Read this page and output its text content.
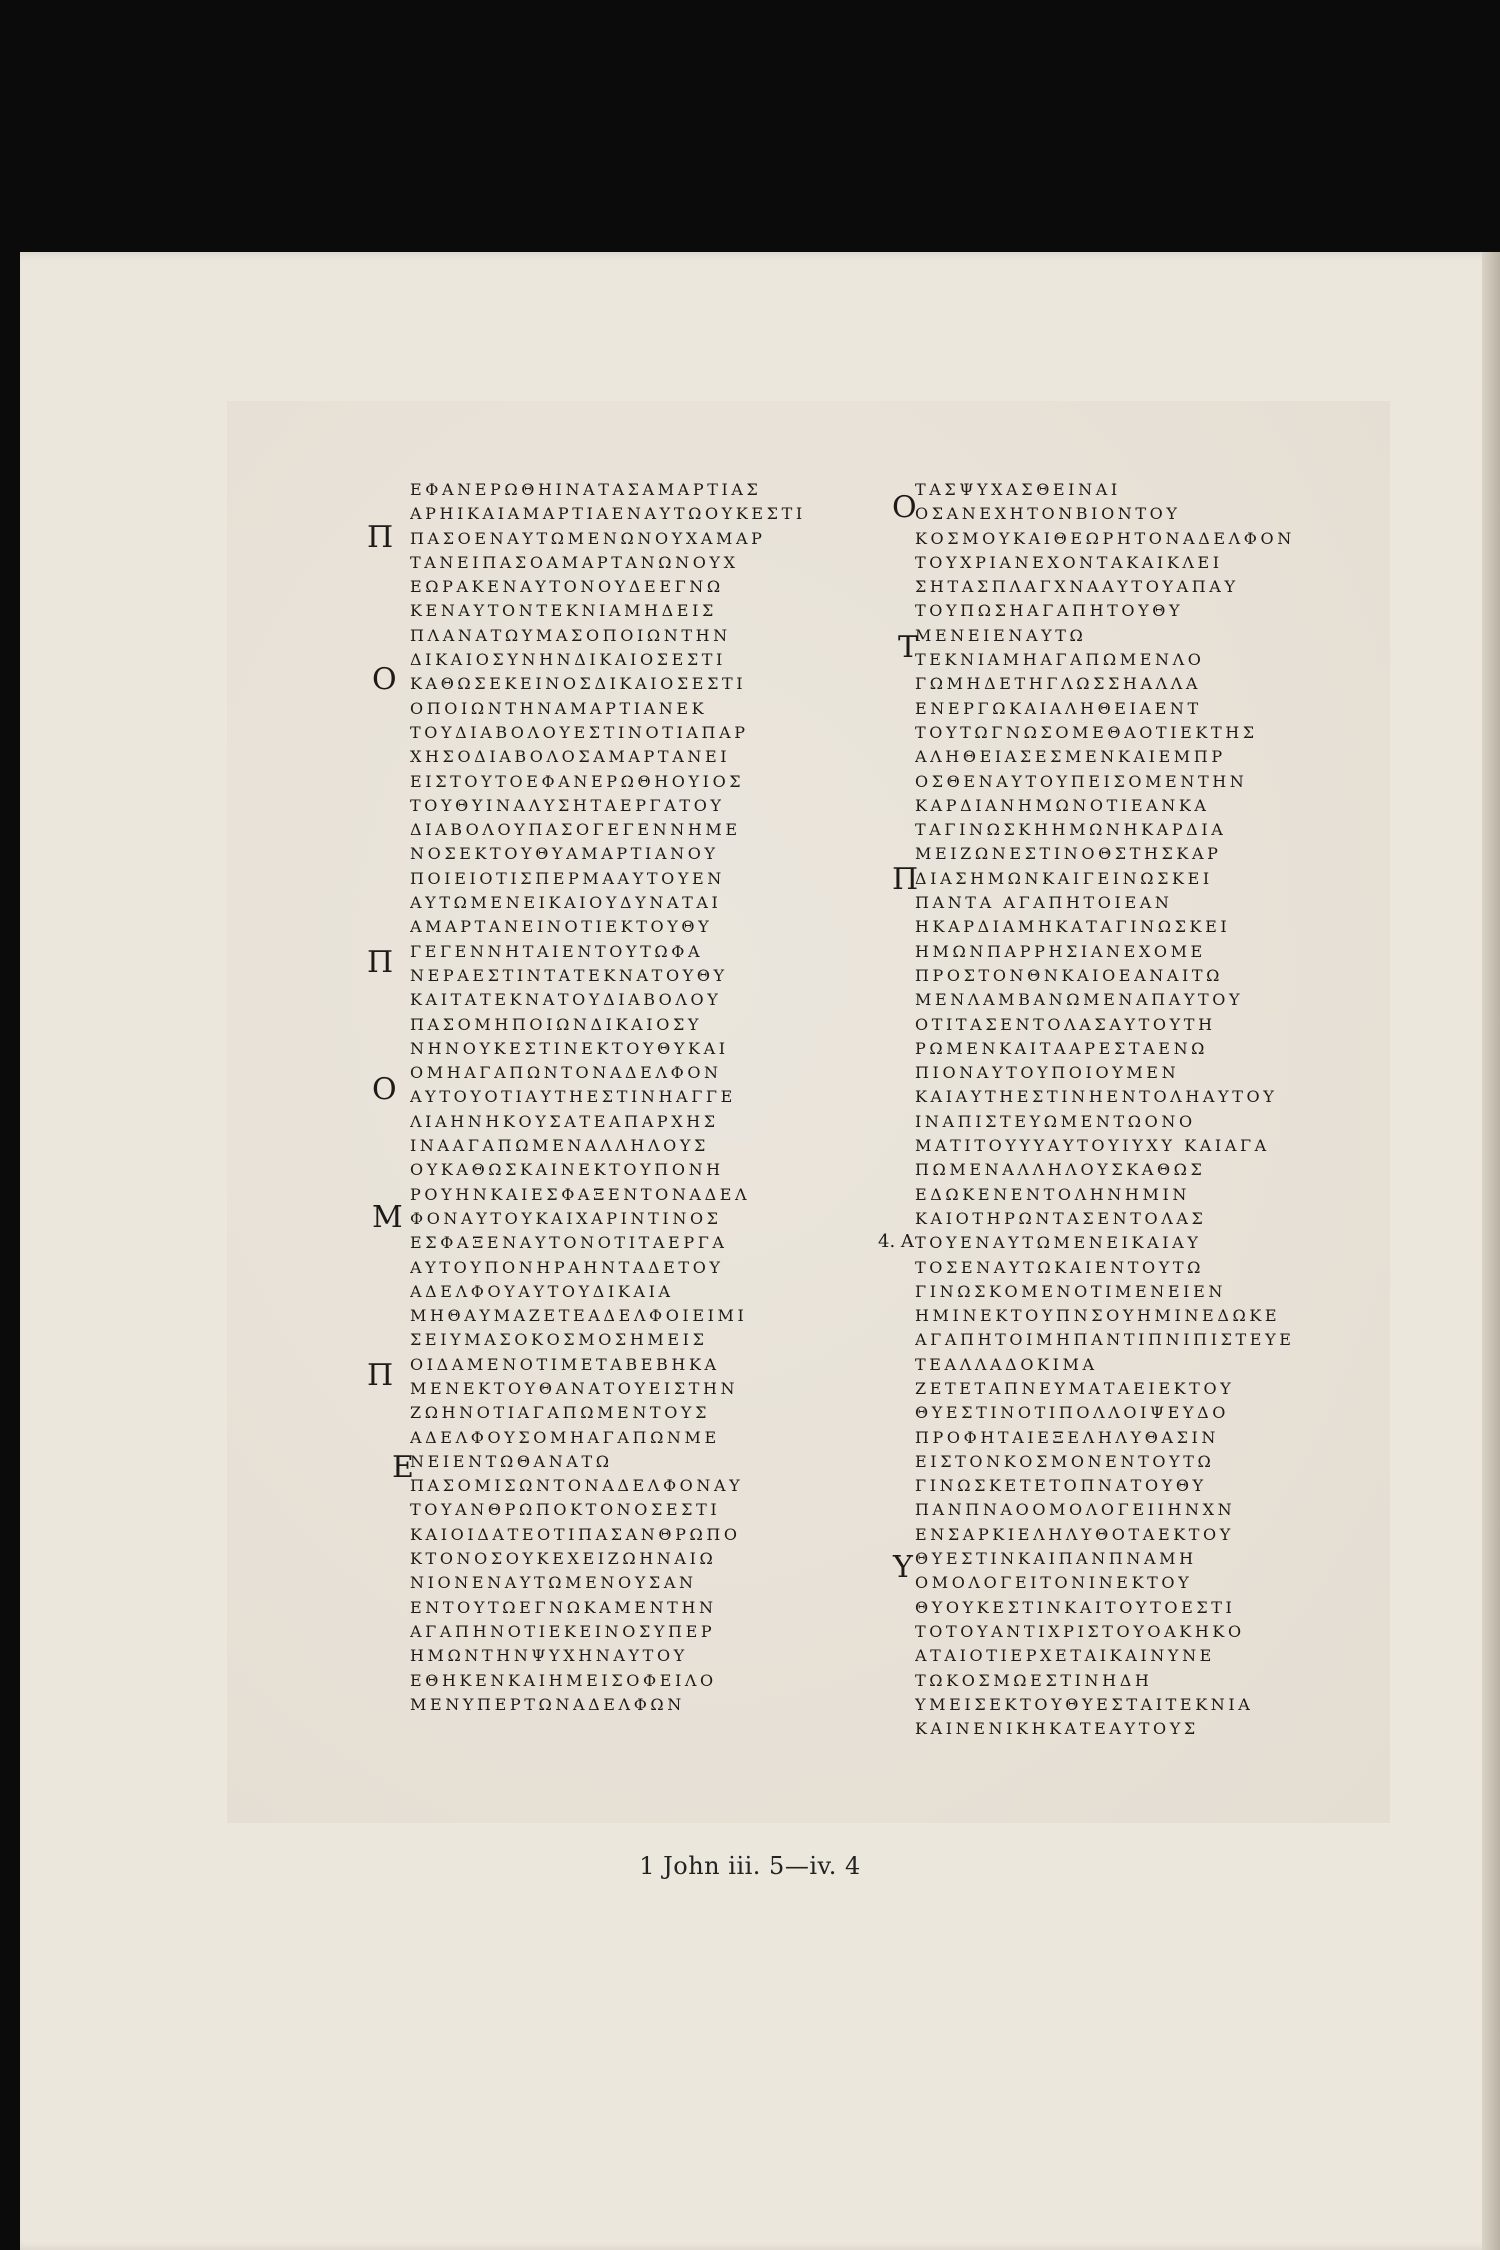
ΕΦΑΝΕΡΩΘΗΙΝΑΤΑΣΑΜΑΡΤΙΑΣ
ΑΡΗΙΚΑΙΑΜΑΡΤΙΑΕΝΑΥΤΩΟΥΚΕΣΤΙ
ΠΑΣΟΕΝΑΥΤΩΜΕΝΩΝΟΥΧΑΜΑΡ
ΤΑΝΕΙΠΑΣΟΑΜΑΡΤΑΝΩΝΟΥΧ
ΕΩΡΑΚΕΝΑΥΤΟΝΟΥΔΕΕΓΝΩ
ΚΕΝΑΥΤΟΝΤΕΚΝΙΑΜΗΔΕΙΣ
ΠΛΑΝΑΤΩΥΜΑΣΟΠΟΙΩΝΤΗΝ
ΔΙΚΑΙΟΣΥΝΗΝΔΙΚΑΙΟΣΕΣΤΙ
ΚΑΘΩΣΕΚΕΙΝΟΣΔΙΚΑΙΟΣΕΣΤΙ
ΟΠΟΙΩΝΤΗΝΑΜΑΡΤΙΑΝΕΚ
ΤΟΥΔΙΑΒΟΛΟΥΕΣΤΙΝΟΤΙΑΠΑΡ
ΧΗΣΟΔΙΑΒΟΛΟΣΑΜΑΡΤΑΝΕΙ
ΕΙΣΤΟΥΤΟΕΦΑΝΕΡΩΘΗΟΥΙΟΣ
ΤΟΥΘΥΙΝΑΛΥΣΗΤΑΕΡΓΑΤΟΥ
ΔΙΑΒΟΛΟΥΠΑΣΟΓΕΓΕΝΝΗΜΕ
ΝΟΣΕΚΤΟΥΘΥΑΜΑΡΤΙΑΝΟΥ
ΠΟΙΕΙΟΤΙΣΠΕΡΜΑΑΥΤΟΥΕΝ
ΑΥΤΩΜΕΝΕΙΚΑΙΟΥΔΥΝΑΤΑΙ
ΑΜΑΡΤΑΝΕΙΝΟΤΙΕΚΤΟΥΘΥ
ΓΕΓΕΝΝΗΤΑΙΕΝΤΟΥΤΩΦΑ
ΝΕΡΑΕΣΤΙΝΤΑΤΕΚΝΑΤΟΥΘΥ
ΚΑΙΤΑΤΕΚΝΑΤΟΥΔΙΑΒΟΛΟΥ
ΠΑΣΟΜΗΠΟΙΩΝΔΙΚΑΙΟΣΥ
ΝΗΝΟΥΚΕΣΤΙΝΕΚΤΟΥΘΥΚΑΙ
ΟΜΗΑΓΑΠΩΝΤΟΝΑΔΕΛΦΟΝ
ΑΥΤΟΥΟΤΙΑΥΤΗΕΣΤΙΝΗΑΓΓΕ
ΛΙΑΗΝΗΚΟΥΣΑΤΕΑΠΑΡΧΗΣ
ΙΝΑΑΓΑΠΩΜΕΝΑΛΛΗΛΟΥΣ
ΟΥΚΑΘΩΣΚΑΙΝΕΚΤΟΥΠΟΝΗ
ΡΟΥΗΝΚΑΙΕΣΦΑΞΕΝΤΟΝΑΔΕΛ
ΦΟΝΑΥΤΟΥΚΑΙΧΑΡΙΝΤΙΝΟΣ
ΕΣΦΑΞΕΝΑΥΤΟΝΟΤΙΤΑΕΡΓΑ
ΑΥΤΟΥΠΟΝΗΡΑΗΝΤΑΔΕΤΟΥ
ΑΔΕΛΦΟΥΑΥΤΟΥΔΙΚΑΙΑ
ΜΗΘΑΥΜΑΖΕΤΕΑΔΕΛΦΟΙΕΙΜΙ
ΣΕΙΥΜΑΣΟΚΟΣΜΟΣΗΜΕΙΣ
ΟΙΔΑΜΕΝΟΤΙΜΕΤΑΒΕΒΗΚΑ
ΜΕΝΕΚΤΟΥΘΑΝΑΤΟΥΕΙΣΤΗΝ
ΖΩΗΝΟΤΙΑΓΑΠΩΜΕΝΤΟΥΣ
ΑΔΕΛΦΟΥΣΟΜΗΑΓΑΠΩΝΜΕ
ΝΕΙΕΝΤΩΘΑΝΑΤΩ
ΠΑΣΟΜΙΣΩΝΤΟΝΑΔΕΛΦΟΝΑΥ
ΤΟΥΑΝΘΡΩΠΟΚΤΟΝΟΣΕΣΤΙ
ΚΑΙΟΙΔΑΤΕΟΤΙΠΑΣΑΝΘΡΩΠΟ
ΚΤΟΝΟΣΟΥΚΕΧΕΙΖΩΗΝΑΙΩ
ΝΙΟΝΕΝΑΥΤΩΜΕΝΟΥΣΑΝ
ΕΝΤΟΥΤΩΕΓΝΩΚΑΜΕΝΤΗΝ
ΑΓΑΠΗΝΟΤΙΕΚΕΙΝΟΣΥΠΕΡ
ΗΜΩΝΤΗΝΨΥΧΗΝΑΥΤΟΥ
ΕΘΗΚΕΝΚΑΙΗΜΕΙΣΟΦΕΙΛΟ
ΜΕΝΥΠΕΡΤΩΝΑΔΕΛΦΩΝ
ΤΑΣΨΥΧΑΣΘΕΙΝΑΙ
ΟΣΑΝΕΧΗΤΟΝΒΙΟΝΤΟΥ
ΚΟΣΜΟΥΚΑΙΘΕΩΡΗΤΟΝΑΔΕΛΦΟΝ
ΤΟΥΧΡΙΑΝΕΧΟΝΤΑΚΑΙΚΛΕΙ
ΣΗΤΑΣΠΛΑΓΧΝΑΑΥΤΟΥΑΠΑΥ
ΤΟΥΠΩΣΗΑΓΑΠΗΤΟΥΘΥ
ΜΕΝΕΙΕΝΑΥΤΩ
ΤΕΚΝΙΑΜΗΑΓΑΠΩΜΕΝΛΟ
ΓΩΜΗΔΕΤΗΓΛΩΣΣΗΑΛΛΑ
ΕΝΕΡΓΩΚΑΙΑΛΗΘΕΙΑΕΝΤ
ΤΟΥΤΩΓΝΩΣΟΜΕΘΑΟΤΙΕΚΤΗΣ
ΑΛΗΘΕΙΑΣΕΣΜΕΝΚΑΙΕΜΠΡ
ΟΣΘΕΝΑΥΤΟΥΠΕΙΣΟΜΕΝΤΗΝ
ΚΑΡΔΙΑΝΗΜΩΝΟΤΙΕΑΝΚΑ
ΤΑΓΙΝΩΣΚΗΗΜΩΝΗΚΑΡΔΙΑ
ΜΕΙΖΩΝΕΣΤΙΝΟΘΣΤΗΣΚΑΡ
ΔΙΑΣΗΜΩΝΚΑΙΓΕΙΝΩΣΚΕΙ
ΠΑΝΤΑ ΑΓΑΠΗΤΟΙΕΑΝ
ΗΚΑΡΔΙΑΜΗΚΑΤΑΓΙΝΩΣΚΕΙ
ΗΜΩΝΠΑΡΡΗΣΙΑΝΕΧΟΜΕ
ΠΡΟΣΤΟΝΘΝΚΑΙΟΕΑΝΑΙΤΩ
ΜΕΝΛΑΜΒΑΝΩΜΕΝΑΠΑΥΤΟΥ
ΟΤΙΤΑΣΕΝΤΟΛΑΣΑΥΤΟΥΤΗ
ΡΩΜΕΝΚΑΙΤΑΑΡΕΣΤΑΕΝΩ
ΠΙΟΝΑΥΤΟΥΠΟΙΟΥΜΕΝ
ΚΑΙΑΥΤΗΕΣΤΙΝΗΕΝΤΟΛΗΑΥΤΟΥ
ΙΝΑΠΙΣΤΕΥΩΜΕΝΤΩΟΝΟ
ΜΑΤΙΤΟΥΥΥΑΥΤΟΥΙΥΧΥ ΚΑΙΑΓΑ
ΠΩΜΕΝΑΛΛΗΛΟΥΣΚΑΘΩΣ
ΕΔΩΚΕΝΕΝΤΟΛΗΝΗΜΙΝ
ΚΑΙΟΤΗΡΩΝΤΑΣΕΝΤΟΛΑΣ
ΤΟΥΕΝΑΥΤΩΜΕΝΕΙΚΑΙΑΥ
ΤΟΣΕΝΑΥΤΩΚΑΙΕΝΤΟΥΤΩ
ΓΙΝΩΣΚΟΜΕΝΟΤΙΜΕΝΕΙΕΝ
ΗΜΙΝΕΚΤΟΥΠΝΣΟΥΗΜΙΝΕΔΩΚΕ
ΑΓΑΠΗΤΟΙΜΗΠΑΝΤΙΠΝΙΠΙΣΤΕΥΕ
ΤΕΑΛΛΑΔΟΚΙΜΑ
ΖΕΤΕΤΑΠΝΕΥΜΑΤΑΕΙΕΚΤΟΥ
ΘΥΕΣΤΙΝΟΤΙΠΟΛΛΟΙΨΕΥΔΟ
ΠΡΟΦΗΤΑΙΕΞΕΛΗΛΥΘΑΣΙΝ
ΕΙΣΤΟΝΚΟΣΜΟΝΕΝΤΟΥΤΩ
ΓΙΝΩΣΚΕΤΕΤΟΠΝΑΤΟΥΘΥ
ΠΑΝΠΝΑΟΟΜΟΛΟΓΕΙΙΗΝΧΝ
ΕΝΣΑΡΚΙΕΛΗΛΥΘΟΤΑΕΚΤΟΥ
ΘΥΕΣΤΙΝΚΑΙΠΑΝΠΝΑΜΗ
ΟΜΟΛΟΓΕΙΤΟΝΙΝΕΚΤΟΥ
ΘΥΟΥΚΕΣΤΙΝΚΑΙΤΟΥΤΟΕΣΤΙ
ΤΟΤΟΥΑΝΤΙΧΡΙΣΤΟΥΟΑΚΗΚΟ
ΑΤΑΙΟΤΙΕΡΧΕΤΑΙΚΑΙΝΥΝΕ
ΤΩΚΟΣΜΩΕΣΤΙΝΗΔΗ
ΥΜΕΙΣΕΚΤΟΥΘΥΕΣΤΑΙΤΕΚΝΙΑ
ΚΑΙΝΕΝΙΚΗΚΑΤΕΑΥΤΟΥΣ
Π
Ο
Π
Ο
Μ
Π
Ε
Ο
Τ
Π
4. Α
Υ
1 John iii. 5—iv. 4
